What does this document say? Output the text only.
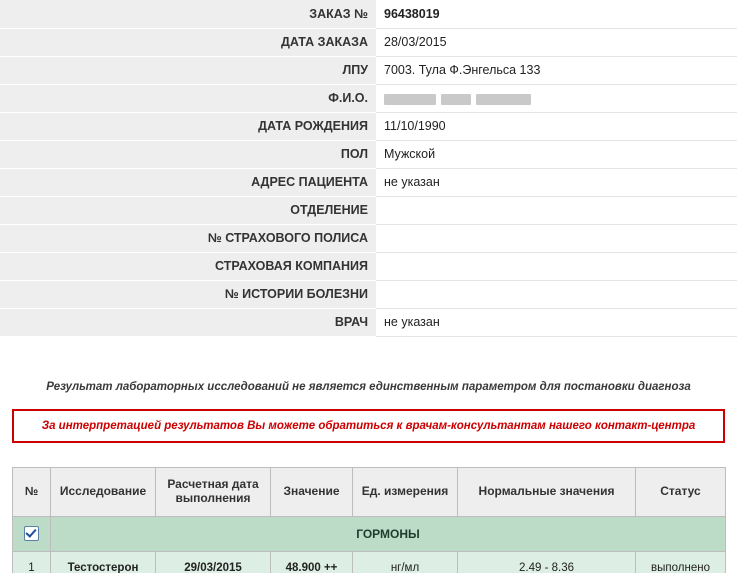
ЗАКАЗ №	96438019
ДАТА ЗАКАЗА	28/03/2015
ЛПУ	7003. Тула Ф.Энгельса 133
Ф.И.О.	
ДАТА РОЖДЕНИЯ	11/10/1990
ПОЛ	Мужской
АДРЕС ПАЦИЕНТА	не указан
ОТДЕЛЕНИЕ	
№ СТРАХОВОГО ПОЛИСА	
СТРАХОВАЯ КОМПАНИЯ	
№ ИСТОРИИ БОЛЕЗНИ	
ВРАЧ	не указан
Результат лабораторных исследований не является единственным параметром для постановки диагноза
За интерпретацией результатов Вы можете обратиться к врачам-консультантам нашего контакт-центра
№	Исследование	Расчетная дата выполнения	Значение	Ед. измерения	Нормальные значения	Статус
	ГОРМОНЫ					
1	Тестостерон	29/03/2015	48.900 ++	нг/мл	2.49 - 8.36	выполнено
